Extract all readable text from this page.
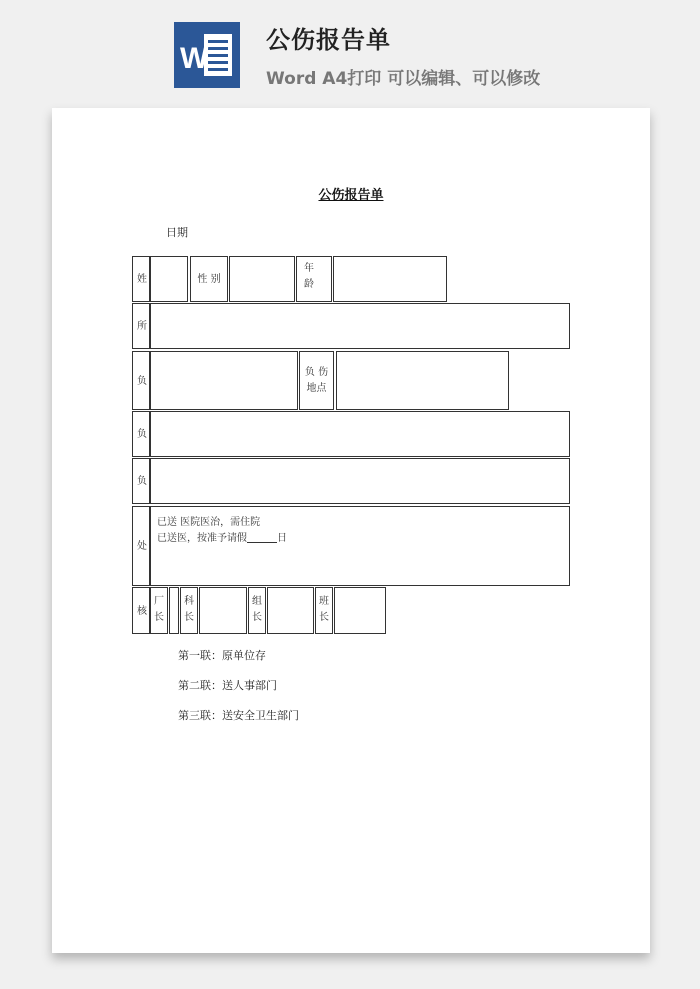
W
公伤报告单
Word A4打印 可以编辑、可以修改
公伤报告单
日期
姓	性 别
年
龄
所
负
负 伤
地点
负
负
处
已送 医院医治，需住院
已送医，按准予请假	日
核
厂
长
科
长
组
长
班
长
第一联：原单位存
第二联：送人事部门
第三联：送安全卫生部门
